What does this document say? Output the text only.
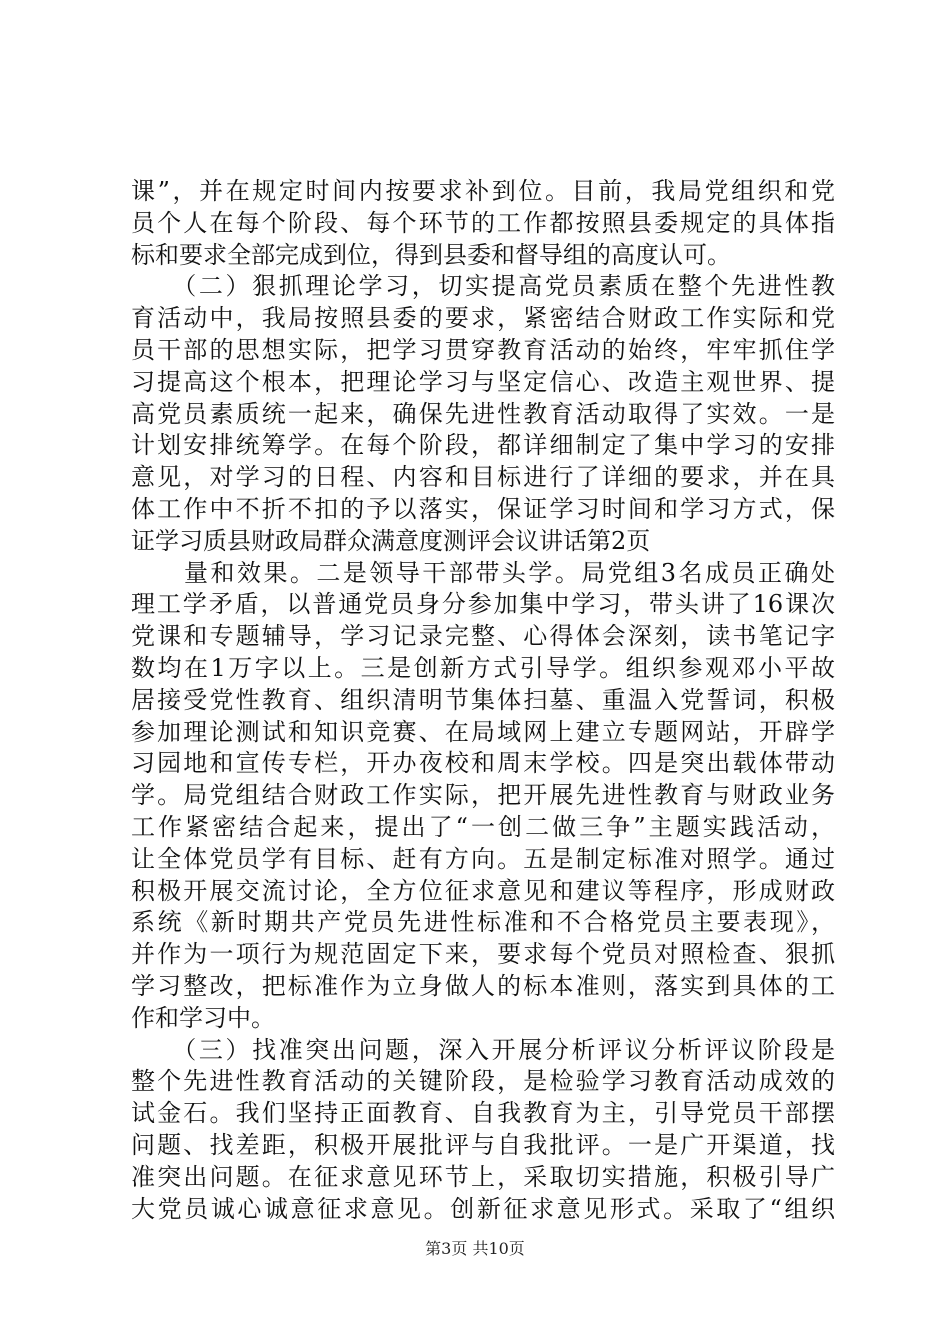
课”，并在规定时间内按要求补到位。目前，我局党组织和党
员个人在每个阶段、每个环节的工作都按照县委规定的具体指
标和要求全部完成到位，得到县委和督导组的高度认可。
　　（二）狠抓理论学习，切实提高党员素质在整个先进性教
育活动中，我局按照县委的要求，紧密结合财政工作实际和党
员干部的思想实际，把学习贯穿教育活动的始终，牢牢抓住学
习提高这个根本，把理论学习与坚定信心、改造主观世界、提
高党员素质统一起来，确保先进性教育活动取得了实效。一是
计划安排统筹学。在每个阶段，都详细制定了集中学习的安排
意见，对学习的日程、内容和目标进行了详细的要求，并在具
体工作中不折不扣的予以落实，保证学习时间和学习方式，保
证学习质县财政局群众满意度测评会议讲话第2页
　　量和效果。二是领导干部带头学。局党组3名成员正确处
理工学矛盾，以普通党员身分参加集中学习，带头讲了16课次
党课和专题辅导，学习记录完整、心得体会深刻，读书笔记字
数均在1万字以上。三是创新方式引导学。组织参观邓小平故
居接受党性教育、组织清明节集体扫墓、重温入党誓词，积极
参加理论测试和知识竞赛、在局域网上建立专题网站，开辟学
习园地和宣传专栏，开办夜校和周末学校。四是突出载体带动
学。局党组结合财政工作实际，把开展先进性教育与财政业务
工作紧密结合起来，提出了“一创二做三争”主题实践活动，
让全体党员学有目标、赶有方向。五是制定标准对照学。通过
积极开展交流讨论，全方位征求意见和建议等程序，形成财政
系统《新时期共产党员先进性标准和不合格党员主要表现》，
并作为一项行为规范固定下来，要求每个党员对照检查、狠抓
学习整改，把标准作为立身做人的标本准则，落实到具体的工
作和学习中。
　　（三）找准突出问题，深入开展分析评议分析评议阶段是
整个先进性教育活动的关键阶段，是检验学习教育活动成效的
试金石。我们坚持正面教育、自我教育为主，引导党员干部摆
问题、找差距，积极开展批评与自我批评。一是广开渠道，找
准突出问题。在征求意见环节上，采取切实措施，积极引导广
大党员诚心诚意征求意见。创新征求意见形式。采取了“组织
第3页 共10页
